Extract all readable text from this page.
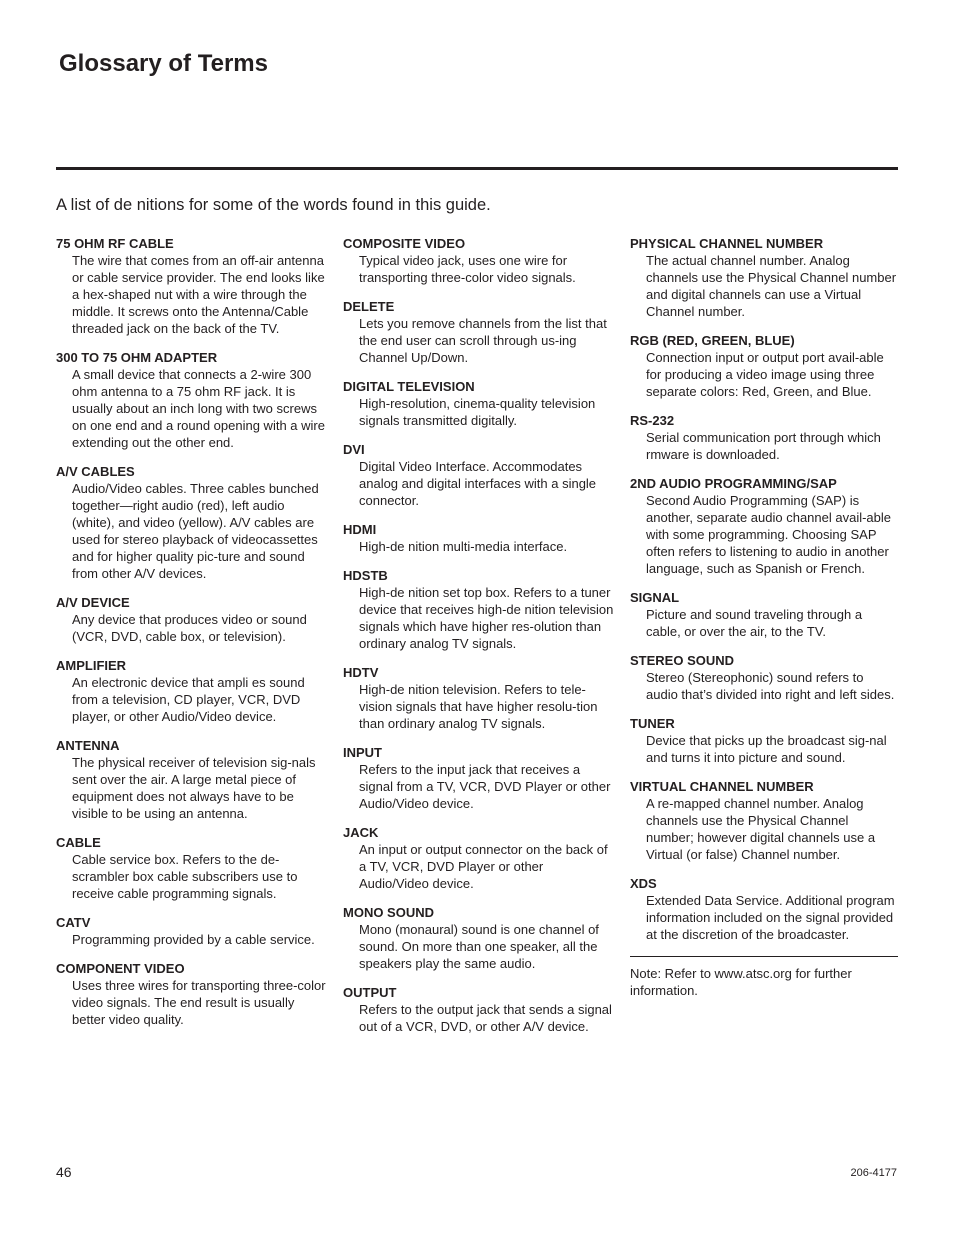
Glossary of Terms

A list of de nitions for some of the words found in this guide.

75 OHM RF CABLE

The wire that comes from an off-air antenna or cable service provider. The end looks like a hex-shaped nut with a wire through the middle. It screws onto the Antenna/Cable threaded jack on the back of the TV.

300 TO 75 OHM ADAPTER

A small device that connects a 2-wire 300 ohm antenna to a 75 ohm RF jack. It is usually about an inch long with two screws on one end and a round opening with a wire extending out the other end.

A/V CABLES

Audio/Video cables. Three cables bunched together—right audio (red), left audio (white), and video (yellow). A/V cables are used for stereo playback of videocassettes and for higher quality pic-ture and sound from other A/V devices.

A/V DEVICE

Any device that produces video or sound (VCR, DVD, cable box, or television).

AMPLIFIER

An electronic device that ampli es sound from a television, CD player, VCR, DVD player, or other Audio/Video device.

ANTENNA

The physical receiver of television sig-nals sent over the air. A large metal piece of equipment does not always have to be visible to be using an antenna.

CABLE

Cable service box. Refers to the de-scrambler box cable subscribers use to receive cable programming signals.

CATV

Programming provided by a cable service.

COMPONENT VIDEO

Uses three wires for transporting three-color video signals. The end result is usually better video quality.

COMPOSITE VIDEO

Typical video jack, uses one wire for transporting three-color video signals.

DELETE

Lets you remove channels from the list that the end user can scroll through us-ing Channel Up/Down.

DIGITAL TELEVISION

High-resolution, cinema-quality television signals transmitted digitally.

DVI

Digital Video Interface. Accommodates analog and digital interfaces with a single connector.

HDMI

High-de nition multi-media interface.

HDSTB

High-de nition set top box. Refers to a tuner device that receives high-de nition television signals which have higher res-olution than ordinary analog TV signals.

HDTV

High-de nition television. Refers to tele-vision signals that have higher resolu-tion than ordinary analog TV signals.

INPUT

Refers to the input jack that receives a signal from a TV, VCR, DVD Player or other Audio/Video device.

JACK

An input or output connector on the back of a TV, VCR, DVD Player or other Audio/Video device.

MONO SOUND

Mono (monaural) sound is one channel of sound. On more than one speaker, all the speakers play the same audio.

OUTPUT

Refers to the output jack that sends a signal out of a VCR, DVD, or other A/V device.

PHYSICAL CHANNEL NUMBER

The actual channel number. Analog channels use the Physical Channel number and digital channels can use a Virtual Channel number.

RGB (RED, GREEN, BLUE)

Connection input or output port avail-able for producing a video image using three separate colors: Red, Green, and Blue.

RS-232

Serial communication port through which rmware is downloaded.

2ND AUDIO PROGRAMMING/SAP

Second Audio Programming (SAP) is another, separate audio channel avail-able with some programming. Choosing SAP often refers to listening to audio in another language, such as Spanish or French.

SIGNAL

Picture and sound traveling through a cable, or over the air, to the TV.

STEREO SOUND

Stereo (Stereophonic) sound refers to audio that’s divided into right and left sides.

TUNER

Device that picks up the broadcast sig-nal and turns it into picture and sound.

VIRTUAL CHANNEL NUMBER

A re-mapped channel number. Analog channels use the Physical Channel number; however digital channels use a Virtual (or false) Channel number.

XDS

Extended Data Service. Additional program information included on the signal provided at the discretion of the broadcaster.

Note: Refer to www.atsc.org for further information.

46	206-4177
